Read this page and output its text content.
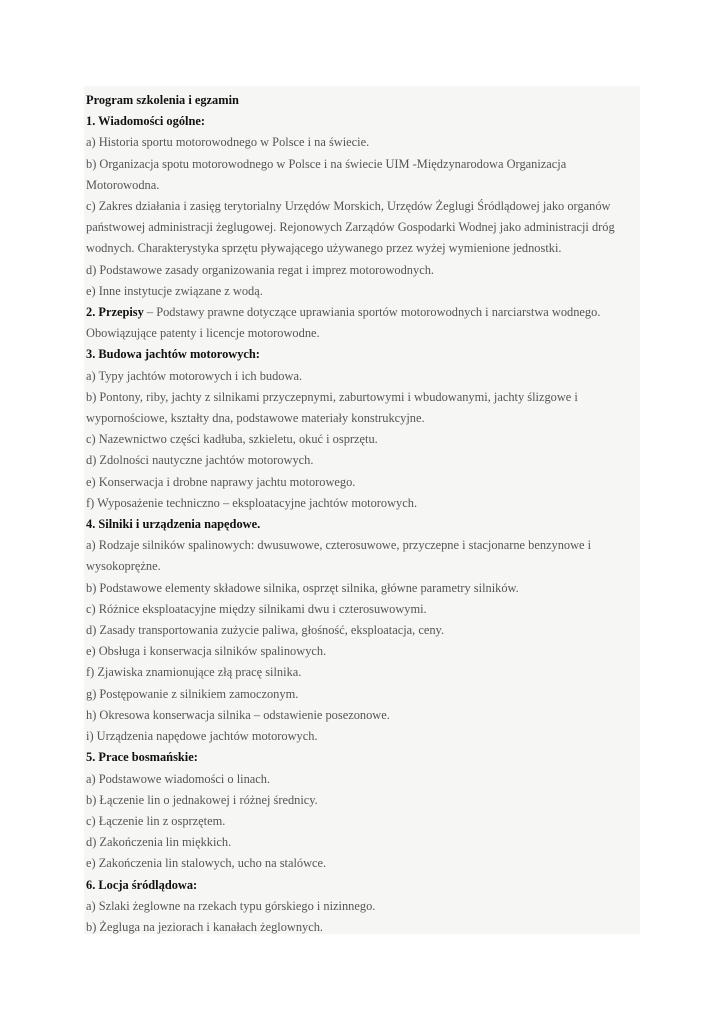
Program szkolenia i egzamin

1. Wiadomości ogólne:

a) Historia sportu motorowodnego w Polsce i na świecie.

b) Organizacja spotu motorowodnego w Polsce i na świecie UIM -Międzynarodowa Organizacja Motorowodna.

c) Zakres działania i zasięg terytorialny Urzędów Morskich, Urzędów Żeglugi Śródlądowej jako organów państwowej administracji żeglugowej. Rejonowych Zarządów Gospodarki Wodnej jako administracji dróg wodnych. Charakterystyka sprzętu pływającego używanego przez wyżej wymienione jednostki.

d) Podstawowe zasady organizowania regat i imprez motorowodnych.

e) Inne instytucje związane z wodą.

2. Przepisy – Podstawy prawne dotyczące uprawiania sportów motorowodnych i narciarstwa wodnego. Obowiązujące patenty i licencje motorowodne.

3. Budowa jachtów motorowych:

a) Typy jachtów motorowych i ich budowa.

b) Pontony, riby, jachty z silnikami przyczepnymi, zaburtowymi i wbudowanymi, jachty ślizgowe i wypornościowe, kształty dna, podstawowe materiały konstrukcyjne.

c) Nazewnictwo części kadłuba, szkieletu, okuć i osprzętu.

d) Zdolności nautyczne jachtów motorowych.

e) Konserwacja i drobne naprawy jachtu motorowego.

f) Wyposażenie techniczno – eksploatacyjne jachtów motorowych.

4. Silniki i urządzenia napędowe.

a) Rodzaje silników spalinowych: dwusuwowe, czterosuwowe, przyczepne i stacjonarne benzynowe i wysokoprężne.

b) Podstawowe elementy składowe silnika, osprzęt silnika, główne parametry silników.

c) Różnice eksploatacyjne między silnikami dwu i czterosuwowymi.

d) Zasady transportowania zużycie paliwa, głośność, eksploatacja, ceny.

e) Obsługa i konserwacja silników spalinowych.

f) Zjawiska znamionujące złą pracę silnika.

g) Postępowanie z silnikiem zamoczonym.

h) Okresowa konserwacja silnika – odstawienie posezonowe.

i) Urządzenia napędowe jachtów motorowych.

5. Prace bosmańskie:

a) Podstawowe wiadomości o linach.

b) Łączenie lin o jednakowej i różnej średnicy.

c) Łączenie lin z osprzętem.

d) Zakończenia lin miękkich.

e) Zakończenia lin stalowych, ucho na stalówce.

6. Locja śródlądowa:

a) Szlaki żeglowne na rzekach typu górskiego i nizinnego.

b) Żegluga na jeziorach i kanałach żeglownych.
